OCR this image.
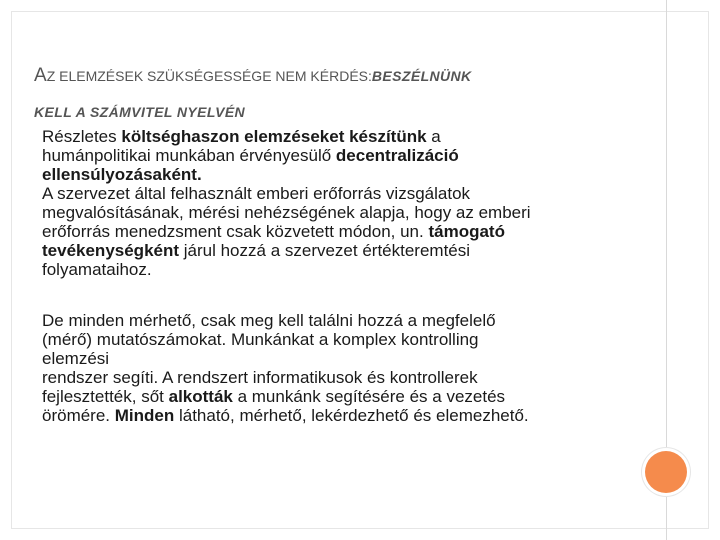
AZ ELEMZÉSEK SZÜKSÉGESSÉGE NEM KÉRDÉS:BESZÉLNÜNK
KELL A SZÁMVITEL NYELVÉN

Részletes költséghaszon elemzéseket készítünk a
humánpolitikai munkában érvényesülő decentralizáció
ellensúlyozásaként.
A szervezet által felhasznált emberi erőforrás vizsgálatok
megvalósításának, mérési nehézségének alapja, hogy az emberi
erőforrás menedzsment csak közvetett módon, un. támogató
tevékenységként járul hozzá a szervezet értékteremtési
folyamataihoz.

De minden mérhető, csak meg kell találni hozzá a megfelelő
(mérő) mutatószámokat. Munkánkat a komplex kontrolling
elemzési
rendszer segíti. A rendszert informatikusok és kontrollerek
fejlesztették, sőt alkották a munkánk segítésére és a vezetés
örömére. Minden látható, mérhető, lekérdezhető és elemezhető.
